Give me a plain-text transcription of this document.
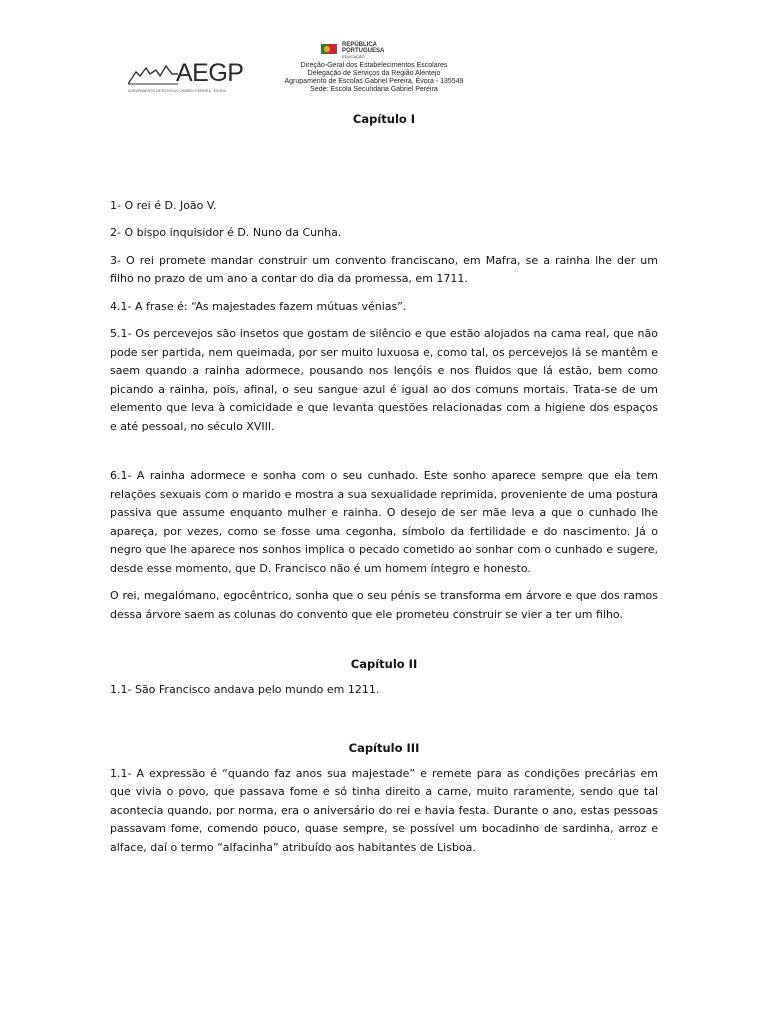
AEGP
AGRUPAMENTO DE ESCOLAS GABRIEL PEREIRA · ÉVORA
REPÚBLICA
PORTUGUESA
EDUCAÇÃO
Direção-Geral dos Estabelecimentos Escolares
Delegação de Serviços da Região Alentejo
Agrupamento de Escolas Gabriel Pereira, Évora - 135549
Sede: Escola Secundária Gabriel Pereira
Capítulo I

1- O rei é D. João V.

2- O bispo inquisidor é D. Nuno da Cunha.

3- O rei promete mandar construir um convento franciscano, em Mafra, se a rainha lhe der um filho no prazo de um ano a contar do dia da promessa, em 1711.

4.1- A frase é: “As majestades fazem mútuas vénias”.

5.1- Os percevejos são insetos que gostam de silêncio e que estão alojados na cama real, que não pode ser partida, nem queimada, por ser muito luxuosa e, como tal, os percevejos lá se mantêm e saem quando a rainha adormece, pousando nos lençóis e nos fluidos que lá estão, bem como picando a rainha, pois, afinal, o seu sangue azul é igual ao dos comuns mortais. Trata-se de um elemento que leva à comicidade e que levanta questões relacionadas com a higiene dos espaços e até pessoal, no século XVIII.

6.1- A rainha adormece e sonha com o seu cunhado. Este sonho aparece sempre que ela tem relações sexuais com o marido e mostra a sua sexualidade reprimida, proveniente de uma postura passiva que assume enquanto mulher e rainha. O desejo de ser mãe leva a que o cunhado lhe apareça, por vezes, como se fosse uma cegonha, símbolo da fertilidade e do nascimento. Já o negro que lhe aparece nos sonhos implica o pecado cometido ao sonhar com o cunhado e sugere, desde esse momento, que D. Francisco não é um homem íntegro e honesto.

O rei, megalómano, egocêntrico, sonha que o seu pénis se transforma em árvore e que dos ramos dessa árvore saem as colunas do convento que ele prometeu construir se vier a ter um filho.

Capítulo II

1.1- São Francisco andava pelo mundo em 1211.

Capítulo III

1.1- A expressão é “quando faz anos sua majestade” e remete para as condições precárias em que vivia o povo, que passava fome e só tinha direito a carne, muito raramente, sendo que tal acontecia quando, por norma, era o aniversário do rei e havia festa. Durante o ano, estas pessoas passavam fome, comendo pouco, quase sempre, se possível um bocadinho de sardinha, arroz e alface, daí o termo “alfacinha” atribuído aos habitantes de Lisboa.
